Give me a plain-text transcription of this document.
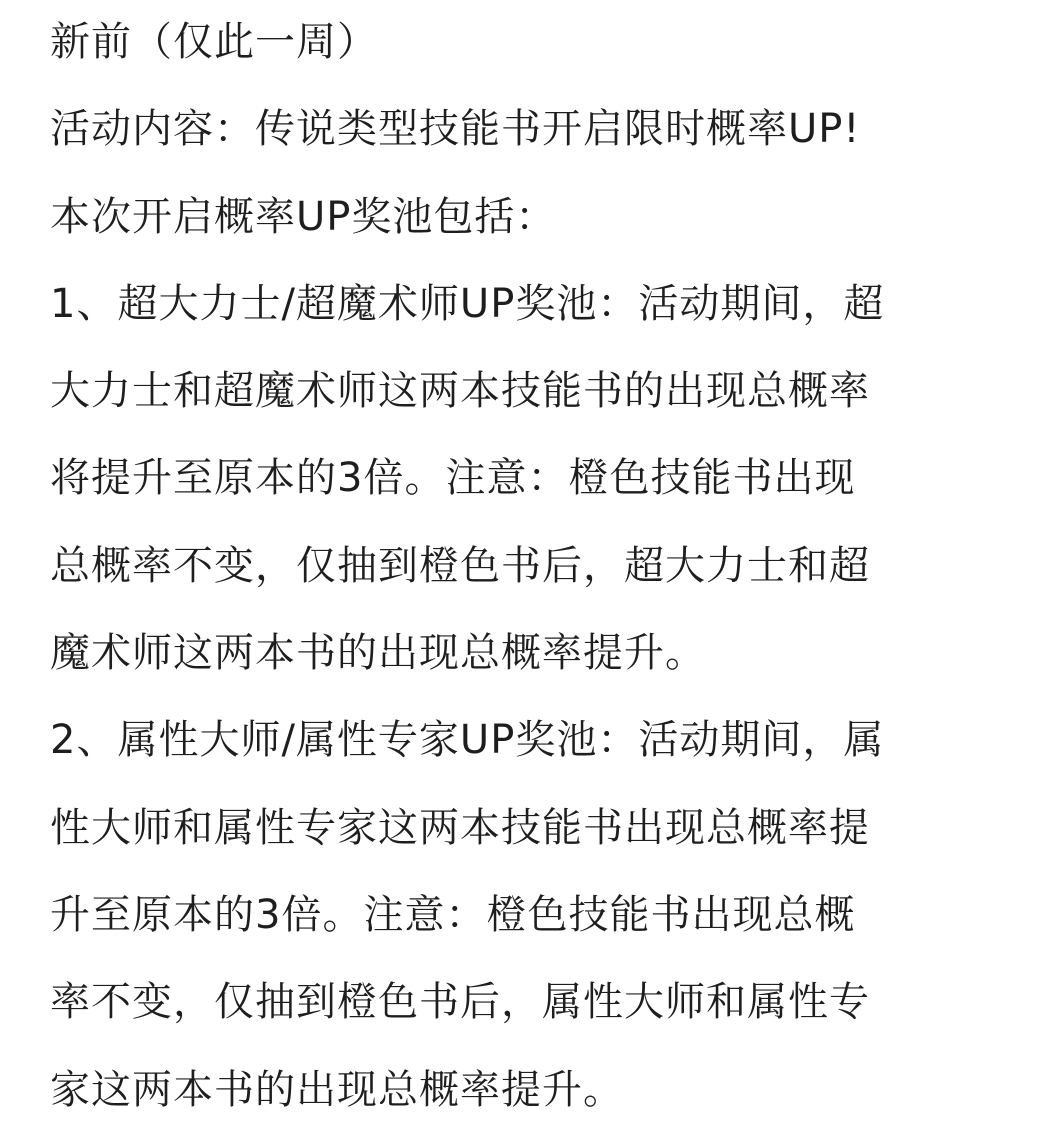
新前（仅此一周）
活动内容：传说类型技能书开启限时概率UP!
本次开启概率UP奖池包括：
1、超大力士/超魔术师UP奖池：活动期间，超
大力士和超魔术师这两本技能书的出现总概率
将提升至原本的3倍。注意：橙色技能书出现
总概率不变，仅抽到橙色书后，超大力士和超
魔术师这两本书的出现总概率提升。
2、属性大师/属性专家UP奖池：活动期间，属
性大师和属性专家这两本技能书出现总概率提
升至原本的3倍。注意：橙色技能书出现总概
率不变，仅抽到橙色书后，属性大师和属性专
家这两本书的出现总概率提升。
